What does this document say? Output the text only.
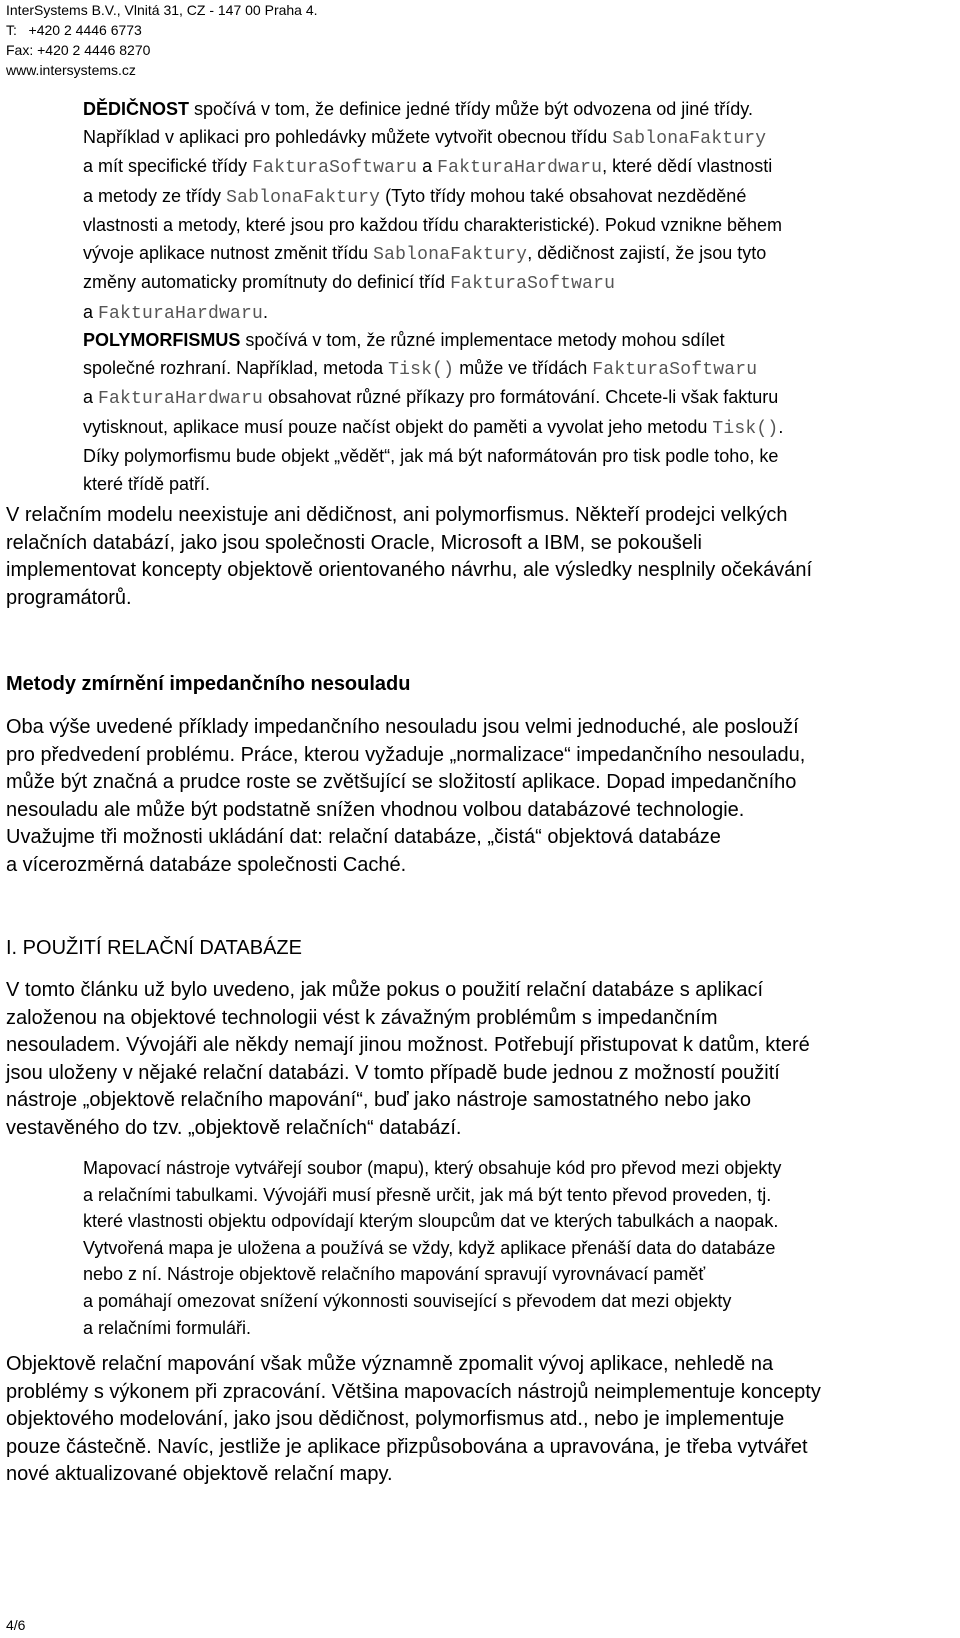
InterSystems B.V., Vlnitá 31, CZ - 147 00 Praha 4.
T:   +420 2 4446 6773
Fax: +420 2 4446 8270
www.intersystems.cz
DĚDIČNOST spočívá v tom, že definice jedné třídy může být odvozena od jiné třídy.
Například v aplikaci pro pohledávky můžete vytvořit obecnou třídu SablonaFaktury
a mít specifické třídy FakturaSoftwaru a FakturaHardwaru, které dědí vlastnosti
a metody ze třídy SablonaFaktury (Tyto třídy mohou také obsahovat nezděděné
vlastnosti a metody, které jsou pro každou třídu charakteristické). Pokud vznikne během
vývoje aplikace nutnost změnit třídu SablonaFaktury, dědičnost zajistí, že jsou tyto
změny automaticky promítnuty do definicí tříd FakturaSoftwaru
a FakturaHardwaru.
POLYMORFISMUS spočívá v tom, že různé implementace metody mohou sdílet
společné rozhraní. Například, metoda Tisk() může ve třídách FakturaSoftwaru
a FakturaHardwaru obsahovat různé příkazy pro formátování. Chcete-li však fakturu
vytisknout, aplikace musí pouze načíst objekt do paměti a vyvolat jeho metodu Tisk().
Díky polymorfismu bude objekt „vědět“, jak má být naformátován pro tisk podle toho, ke
které třídě patří.
V relačním modelu neexistuje ani dědičnost, ani polymorfismus. Někteří prodejci velkých
relačních databází, jako jsou společnosti Oracle, Microsoft a IBM, se pokoušeli
implementovat koncepty objektově orientovaného návrhu, ale výsledky nesplnily očekávání
programátorů.
Metody zmírnění impedančního nesouladu
Oba výše uvedené příklady impedančního nesouladu jsou velmi jednoduché, ale poslouží
pro předvedení problému. Práce, kterou vyžaduje „normalizace“ impedančního nesouladu,
může být značná a prudce roste se zvětšující se složitostí aplikace. Dopad impedančního
nesouladu ale může být podstatně snížen vhodnou volbou databázové technologie.
Uvažujme tři možnosti ukládání dat: relační databáze, „čistá“ objektová databáze
a vícerozměrná databáze společnosti Caché.
I. POUŽITÍ RELAČNÍ DATABÁZE
V tomto článku už bylo uvedeno, jak může pokus o použití relační databáze s aplikací
založenou na objektové technologii vést k závažným problémům s impedančním
nesouladem. Vývojáři ale někdy nemají jinou možnost. Potřebují přistupovat k datům, které
jsou uloženy v nějaké relační databázi. V tomto případě bude jednou z možností použití
nástroje „objektově relačního mapování“, buď jako nástroje samostatného nebo jako
vestavěného do tzv. „objektově relačních“ databází.
Mapovací nástroje vytvářejí soubor (mapu), který obsahuje kód pro převod mezi objekty
a relačními tabulkami. Vývojáři musí přesně určit, jak má být tento převod proveden, tj.
které vlastnosti objektu odpovídají kterým sloupcům dat ve kterých tabulkách a naopak.
Vytvořená mapa je uložena a používá se vždy, když aplikace přenáší data do databáze
nebo z ní. Nástroje objektově relačního mapování spravují vyrovnávací paměť
a pomáhají omezovat snížení výkonnosti související s převodem dat mezi objekty
a relačními formuláři.
Objektově relační mapování však může významně zpomalit vývoj aplikace, nehledě na
problémy s výkonem při zpracování. Většina mapovacích nástrojů neimplementuje koncepty
objektového modelování, jako jsou dědičnost, polymorfismus atd., nebo je implementuje
pouze částečně. Navíc, jestliže je aplikace přizpůsobována a upravována, je třeba vytvářet
nové aktualizované objektově relační mapy.
4/6
